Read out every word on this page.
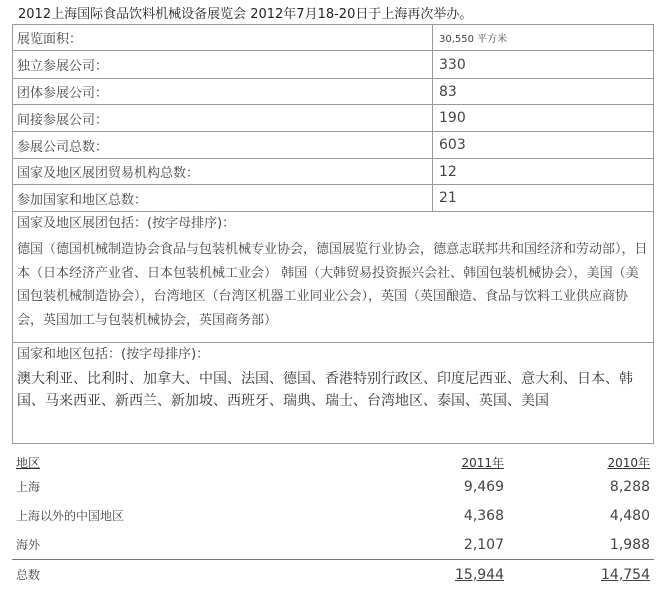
2012上海国际食品饮料机械设备展览会 2012年7月18-20日于上海再次举办。
展览面积：	30,550 平方米
独立参展公司：	330
团体参展公司：	83
间接参展公司：	190
参展公司总数：	603
国家及地区展团贸易机构总数：	12
参加国家和地区总数：	21

国家及地区展团包括：(按字母排序)：
德国（德国机械制造协会食品与包装机械专业协会，德国展览行业协会，德意志联邦共和国经济和劳动部），日本（日本经济产业省、日本包装机械工业会） 韩国（大韩贸易投资振兴会社、韩国包装机械协会），美国（美国包装机械制造协会），台湾地区（台湾区机器工业同业公会），英国（英国酿造、食品与饮料工业供应商协会，英国加工与包装机械协会，英国商务部）	

国家和地区包括：(按字母排序)：
澳大利亚、比利时、加拿大、中国、法国、德国、香港特别行政区、印度尼西亚、意大利、日本、韩国、马来西亚、新西兰、新加坡、西班牙、瑞典、瑞士、台湾地区、泰国、英国、美国	
地区	2011年	2010年
上海	9,469	8,288
上海以外的中国地区	4,368	4,480
海外	2,107	1,988
总数	15,944	14,754
